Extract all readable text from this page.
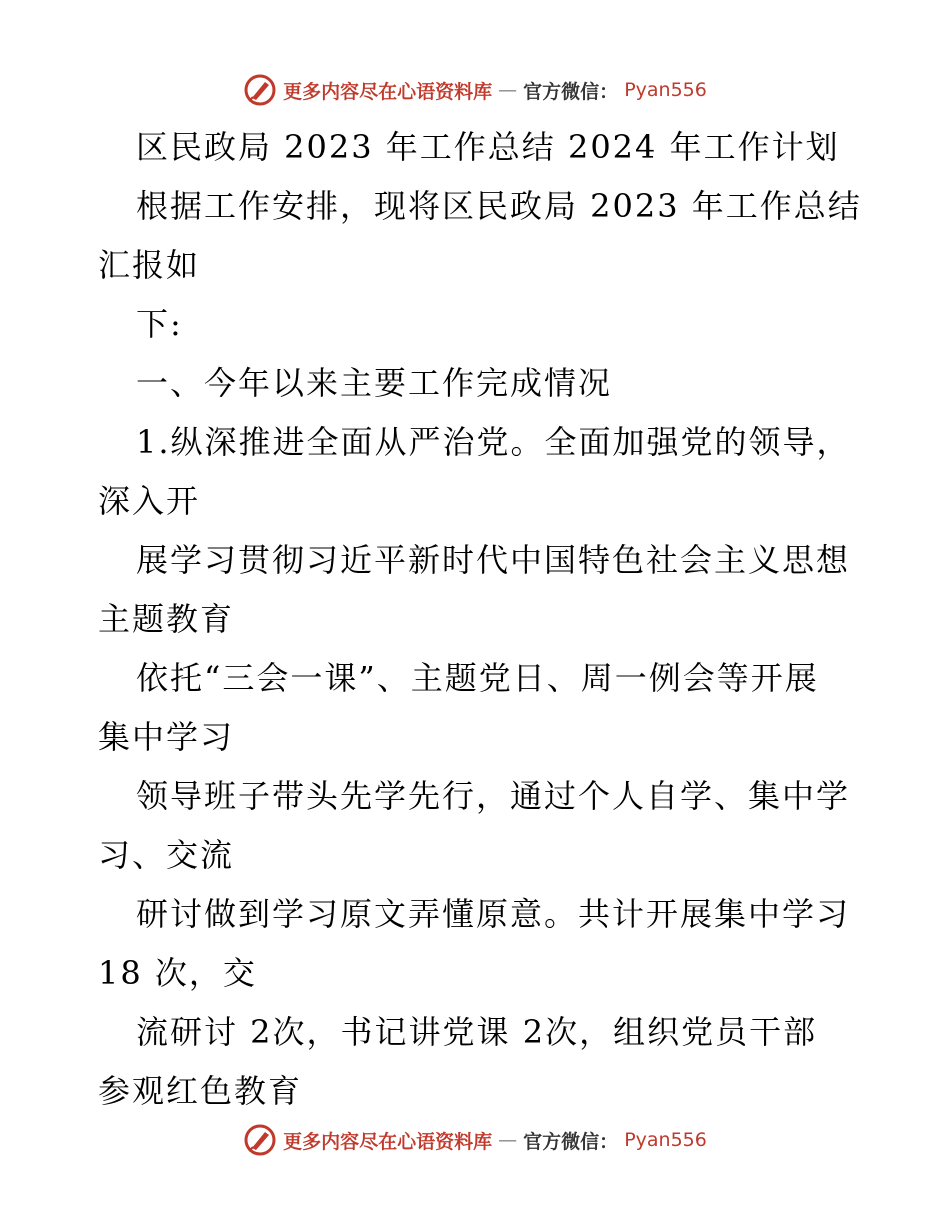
更多内容尽在心语资料库 — 官方微信： Pyan556
区民政局 2023 年工作总结 2024 年工作计划
根据工作安排，现将区民政局 2023 年工作总结
汇报如
下:
一、今年以来主要工作完成情况
1.纵深推进全面从严治党。全面加强党的领导，
深入开
展学习贯彻习近平新时代中国特色社会主义思想
主题教育
依托“三会一课”、主题党日、周一例会等开展
集中学习
领导班子带头先学先行，通过个人自学、集中学
习、交流
研讨做到学习原文弄懂原意。共计开展集中学习
18 次，交
流研讨 2次，书记讲党课 2次，组织党员干部
参观红色教育
更多内容尽在心语资料库 — 官方微信： Pyan556
